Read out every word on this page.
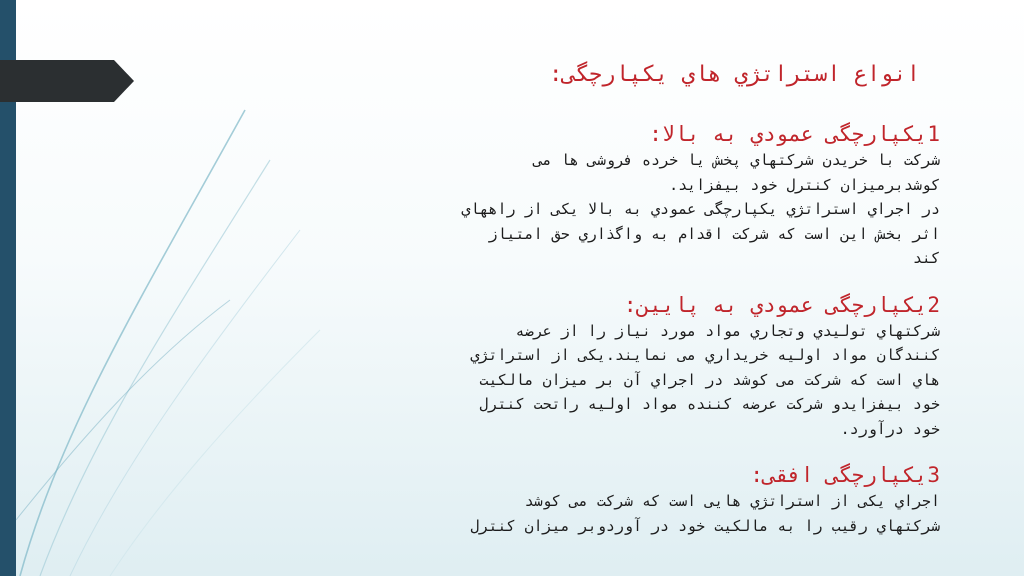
انواع استراتژي هاي يکپارچگی:

1يکپارچگی عمودي به بالا:

شرکت با خريدن شرکتهاي پخش يا خرده فروشی ها می

کوشدبرميزان کنترل خود بيفزايد.

در اجراي استراتژي يکپارچگی عمودي به بالا يکی از راههاي

اثر بخش اين است که شرکت اقدام به واگذاري حق امتياز

کند

2يکپارچگی عمودي به پايين:

شرکتهاي توليدي وتجاري مواد مورد نياز را از عرضه

کنندگان مواد اوليه خريداري می نمايند.يکی از استراتژي

هاي است که شرکت می کوشد در اجراي آن بر ميزان مالکيت

خود بيفزايدو شرکت عرضه کننده مواد اوليه راتحت کنترل

خود درآورد.

3يکپارچگی افقی:

اجراي يکی از استراتژي هايی است که شرکت می کوشد

شرکتهاي رقيب را به مالکيت خود در آوردوبر ميزان کنترل
